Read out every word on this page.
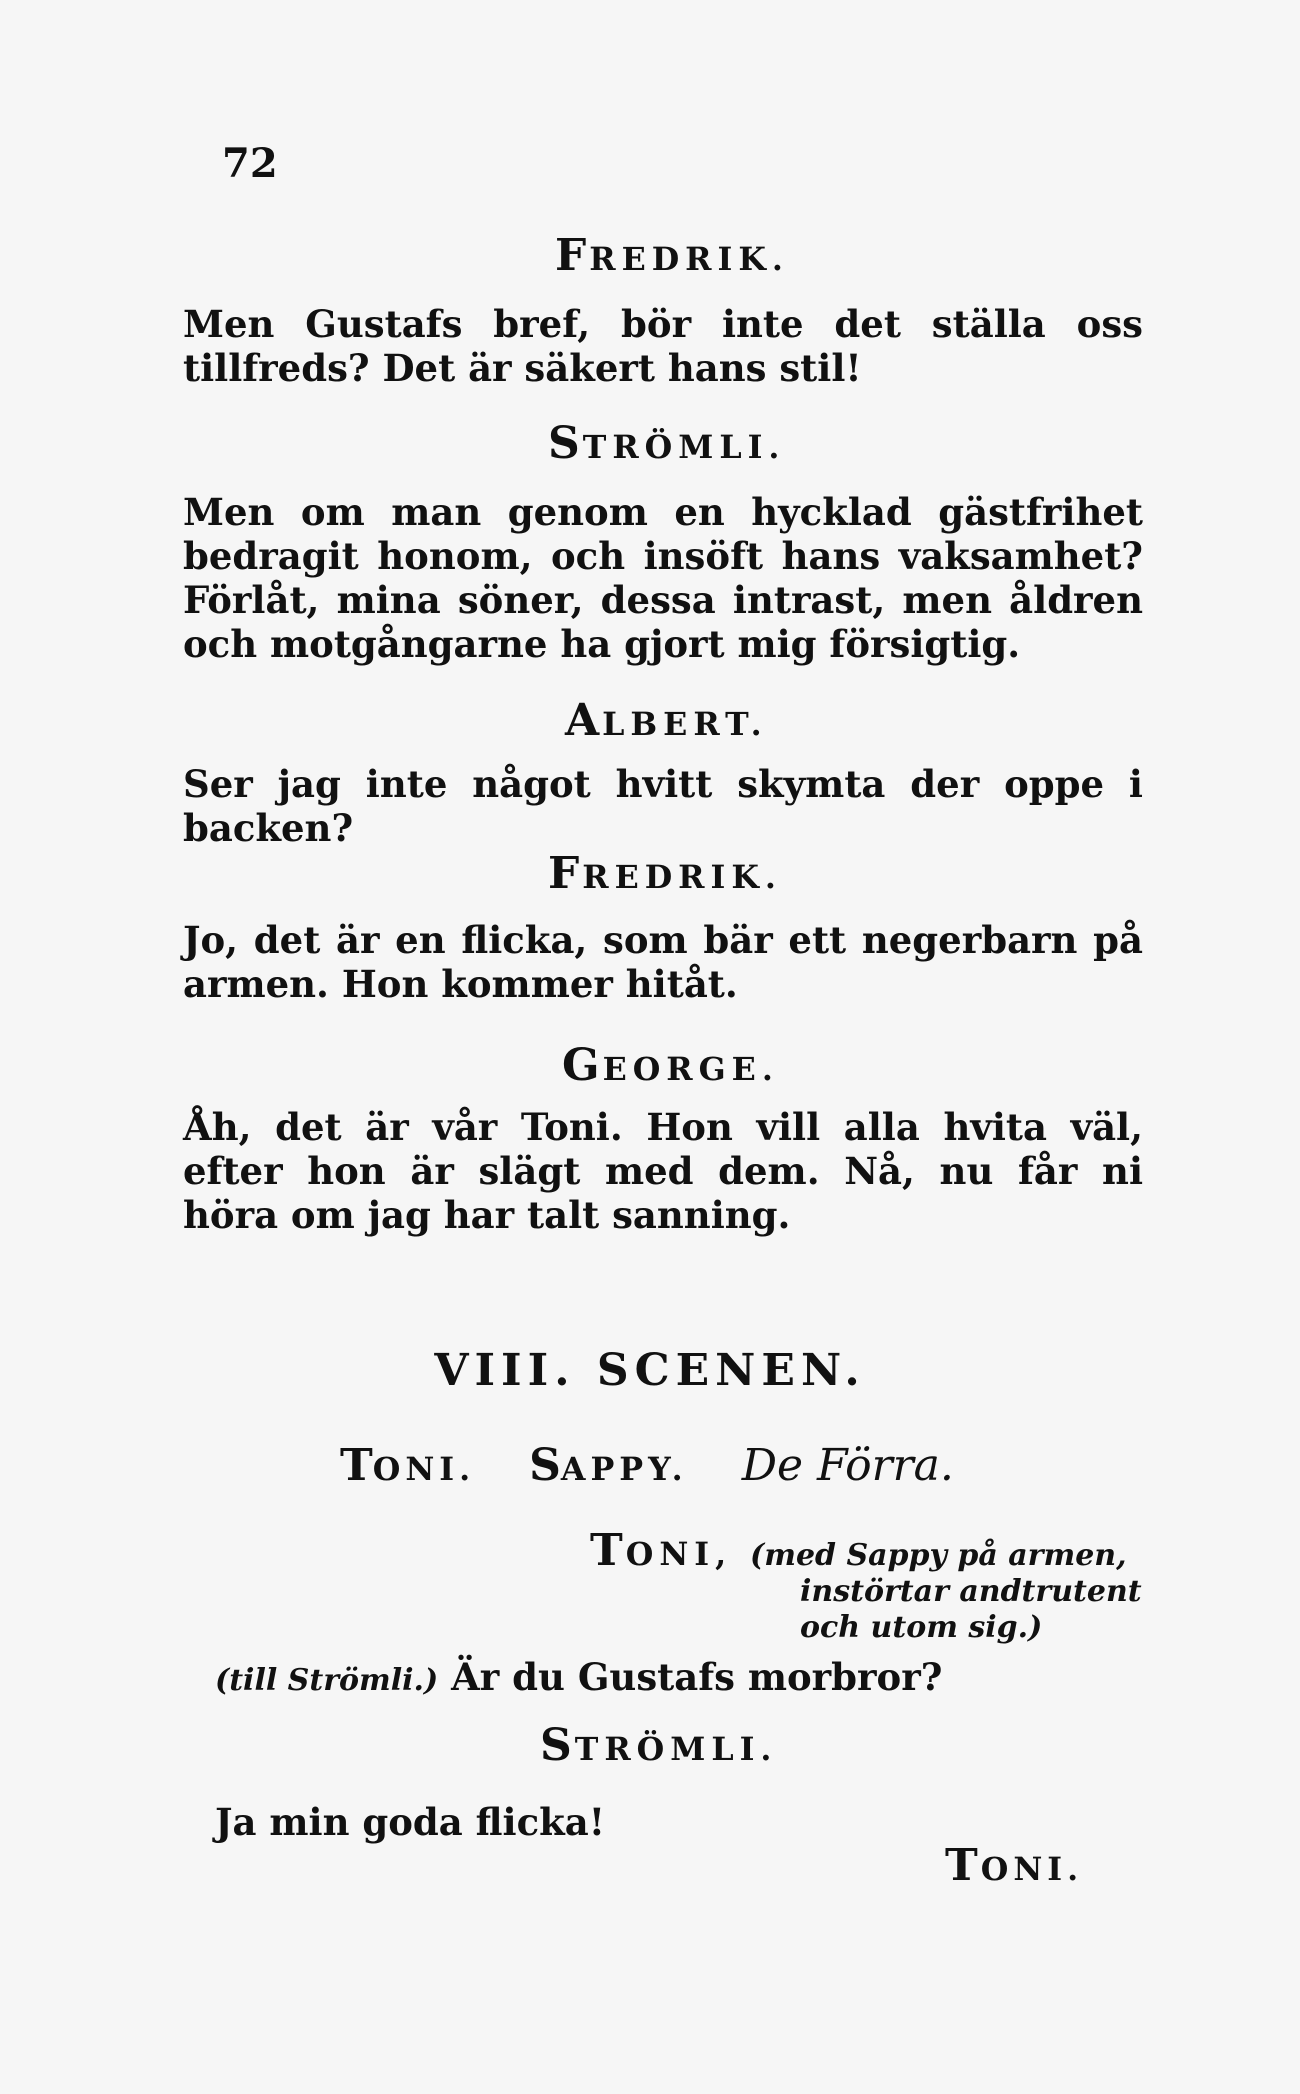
72
FREDRIK.
Men Gustafs bref, bör inte det ställa oss tillfreds? Det är säkert hans stil!
STRÖMLI.
Men om man genom en hycklad gästfrihet bedragit honom, och insöft hans vaksamhet? Förlåt, mina söner, dessa intrast, men åldren och motgångarne ha gjort mig försigtig.
ALBERT.
Ser jag inte något hvitt skymta der oppe i backen?
FREDRIK.
Jo, det är en flicka, som bär ett negerbarn på armen. Hon kommer hitåt.
GEORGE.
Åh, det är vår Toni. Hon vill alla hvita väl, efter hon är slägt med dem. Nå, nu får ni höra om jag har talt sanning.
VIII. SCENEN.
TONI. SAPPY. De Förra.
TONI, (med Sappy på armen,
instörtar andtrutent
och utom sig.)
(till Strömli.) Är du Gustafs morbror?
STRÖMLI.
Ja min goda flicka!
TONI.
